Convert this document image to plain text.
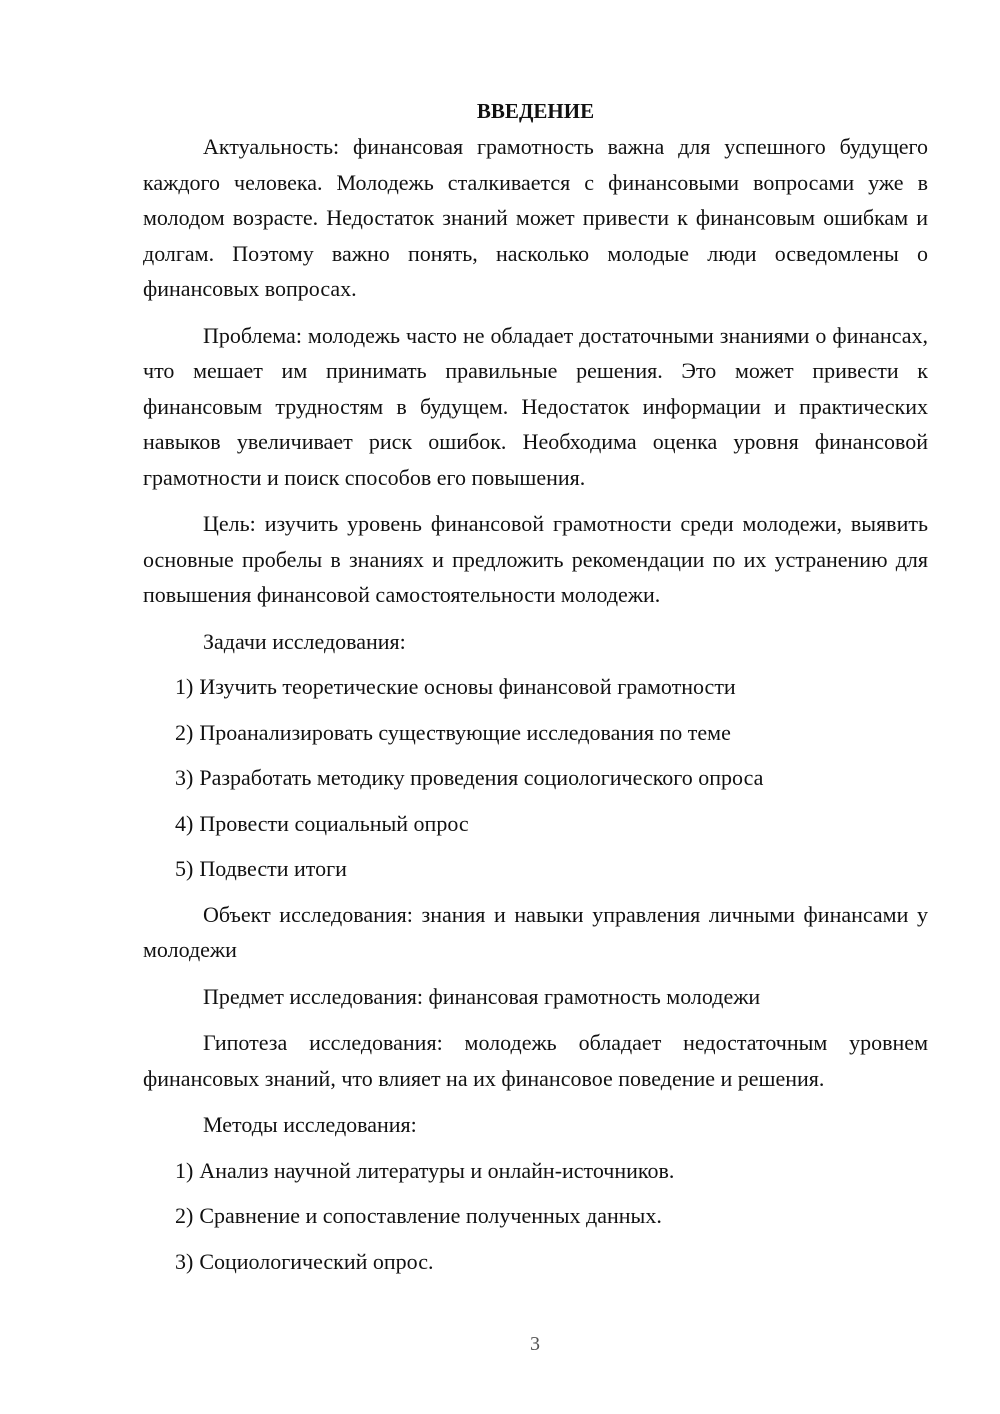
ВВЕДЕНИЕ

Актуальность: финансовая грамотность важна для успешного будущего каждого человека. Молодежь сталкивается с финансовыми вопросами уже в молодом возрасте. Недостаток знаний может привести к финансовым ошибкам и долгам. Поэтому важно понять, насколько молодые люди осведомлены о финансовых вопросах.

Проблема: молодежь часто не обладает достаточными знаниями о финансах, что мешает им принимать правильные решения. Это может привести к финансовым трудностям в будущем. Недостаток информации и практических навыков увеличивает риск ошибок. Необходима оценка уровня финансовой грамотности и поиск способов его повышения.

Цель: изучить уровень финансовой грамотности среди молодежи, выявить основные пробелы в знаниях и предложить рекомендации по их устранению для повышения финансовой самостоятельности молодежи.

Задачи исследования:

1) Изучить теоретические основы финансовой грамотности
2) Проанализировать существующие исследования по теме
3) Разработать методику проведения социологического опроса
4) Провести социальный опрос
5) Подвести итоги

Объект исследования: знания и навыки управления личными финансами у молодежи

Предмет исследования: финансовая грамотность молодежи

Гипотеза исследования: молодежь обладает недостаточным уровнем финансовых знаний, что влияет на их финансовое поведение и решения.

Методы исследования:

1) Анализ научной литературы и онлайн-источников.
2) Сравнение и сопоставление полученных данных.
3) Социологический опрос.
3
